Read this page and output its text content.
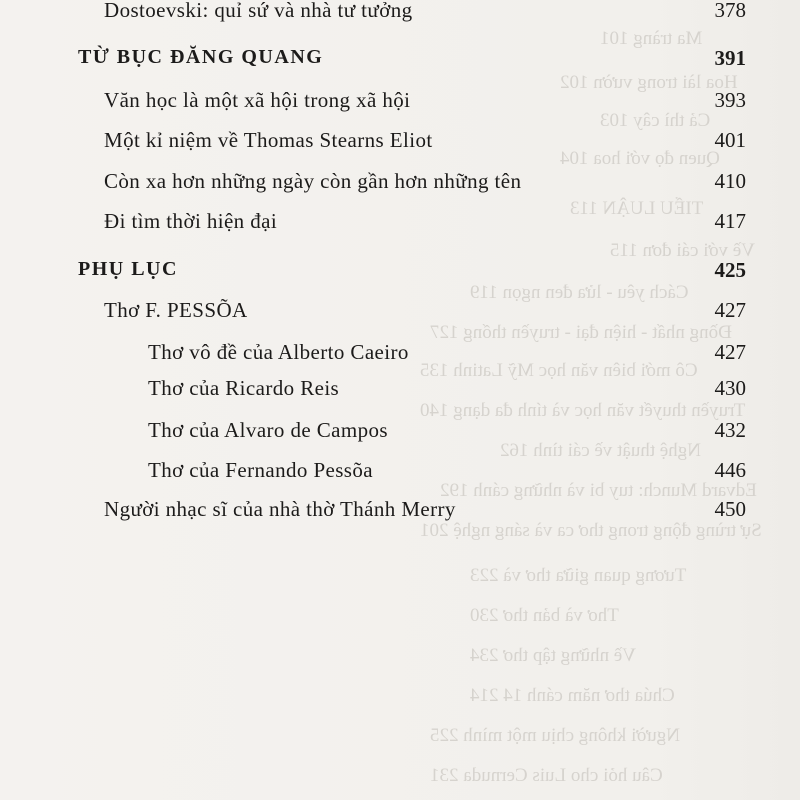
Ma tràng 101
Hoa lài trong vườn 102
Cả thì cây 103
Quen đọ với hoa 104
TIỂU LUẬN 113
Về với cái đơn 115
Cách yêu - lửa đen ngọn 119
Đồng nhất - hiện đại - truyền thống 127
Cô mới biên văn học Mỹ Latinh 135
Truyền thuyết văn học và tính đa dạng 140
Nghệ thuật về cái tình 162
Edvard Munch: tuy bi và những cánh 192
Sự trùng động trong thơ ca và sáng nghệ 201
Tương quan giữa thơ và 223
Thơ và bản thơ 230
Về những tập thơ 234
Chúa thơ năm cánh 14 214
Người không chịu một mình 225
Câu hỏi cho Luis Cernuda 231
Dostoevski: quỉ sứ và nhà tư tưởng	378
TỪ BỤC ĐĂNG QUANG	391
Văn học là một xã hội trong xã hội	393
Một kỉ niệm về Thomas Stearns Eliot	401
Còn xa hơn những ngày còn gần hơn những tên	410
Đi tìm thời hiện đại	417
PHỤ LỤC	425
Thơ F. PESSÕA	427
Thơ vô đề của Alberto Caeiro	427
Thơ của Ricardo Reis	430
Thơ của Alvaro de Campos	432
Thơ của Fernando Pessõa	446
Người nhạc sĩ của nhà thờ Thánh Merry	450
